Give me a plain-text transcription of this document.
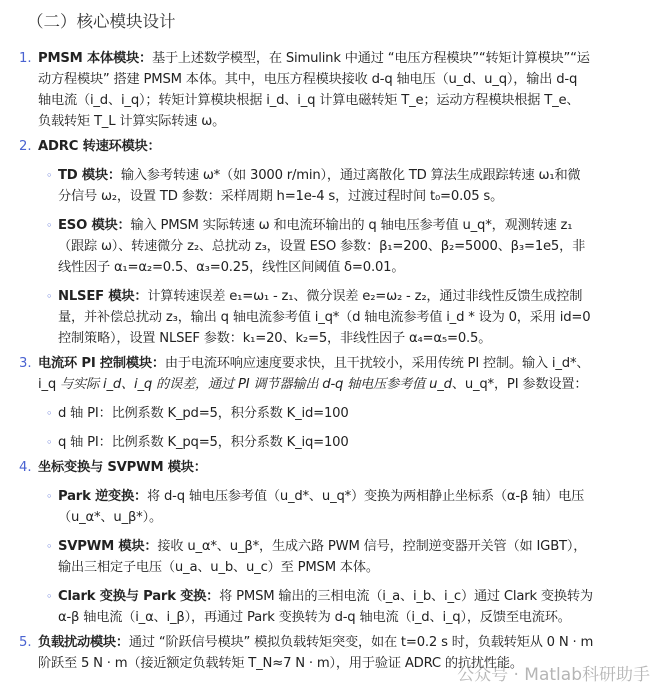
（二）核心模块设计
1. PMSM 本体模块：基于上述数学模型，在 Simulink 中通过 “电压方程模块”“转矩计算模块”“运
动方程模块” 搭建 PMSM 本体。其中，电压方程模块接收 d-q 轴电压（u_d、u_q），输出 d-q
轴电流（i_d、i_q）；转矩计算模块根据 i_d、i_q 计算电磁转矩 T_e；运动方程模块根据 T_e、
负载转矩 T_L 计算实际转速 ω。
2. ADRC 转速环模块：
◦ TD 模块：输入参考转速 ω*（如 3000 r/min），通过离散化 TD 算法生成跟踪转速 ω₁和微
分信号 ω₂，设置 TD 参数：采样周期 h=1e-4 s，过渡过程时间 t₀=0.05 s。
◦ ESO 模块：输入 PMSM 实际转速 ω 和电流环输出的 q 轴电压参考值 u_q*，观测转速 z₁
（跟踪 ω）、转速微分 z₂、总扰动 z₃，设置 ESO 参数：β₁=200、β₂=5000、β₃=1e5，非
线性因子 α₁=α₂=0.5、α₃=0.25，线性区间阈值 δ=0.01。
◦ NLSEF 模块：计算转速误差 e₁=ω₁ - z₁、微分误差 e₂=ω₂ - z₂，通过非线性反馈生成控制
量，并补偿总扰动 z₃，输出 q 轴电流参考值 i_q*（d 轴电流参考值 i_d * 设为 0，采用 id=0
控制策略），设置 NLSEF 参数：k₁=20、k₂=5，非线性因子 α₄=α₅=0.5。
3. 电流环 PI 控制模块：由于电流环响应速度要求快，且干扰较小，采用传统 PI 控制。输入 i_d*、
i_q 与实际 i_d、i_q 的误差，通过 PI 调节器输出 d-q 轴电压参考值 u_d、u_q*，PI 参数设置：
◦ d 轴 PI：比例系数 K_pd=5，积分系数 K_id=100
◦ q 轴 PI：比例系数 K_pq=5，积分系数 K_iq=100
4. 坐标变换与 SVPWM 模块：
◦ Park 逆变换：将 d-q 轴电压参考值（u_d*、u_q*）变换为两相静止坐标系（α-β 轴）电压
（u_α*、u_β*）。
◦ SVPWM 模块：接收 u_α*、u_β*，生成六路 PWM 信号，控制逆变器开关管（如 IGBT），
输出三相定子电压（u_a、u_b、u_c）至 PMSM 本体。
◦ Clark 变换与 Park 变换：将 PMSM 输出的三相电流（i_a、i_b、i_c）通过 Clark 变换转为
α-β 轴电流（i_α、i_β），再通过 Park 变换转为 d-q 轴电流（i_d、i_q），反馈至电流环。
5. 负载扰动模块：通过 “阶跃信号模块” 模拟负载转矩突变，如在 t=0.2 s 时，负载转矩从 0 N · m
阶跃至 5 N · m（接近额定负载转矩 T_N≈7 N · m），用于验证 ADRC 的抗扰性能。
公众号 · Matlab科研助手
